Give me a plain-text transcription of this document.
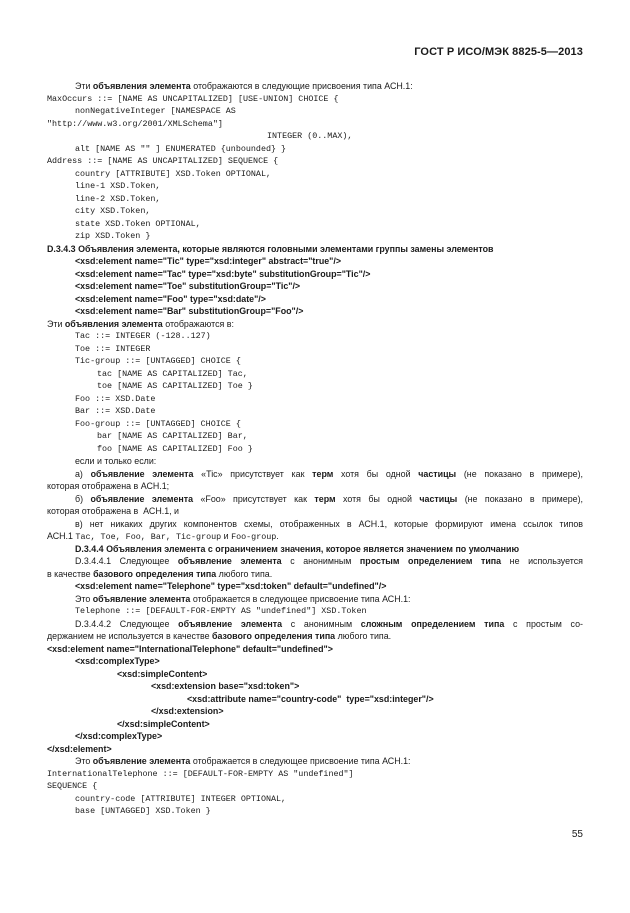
ГОСТ Р ИСО/МЭК 8825-5—2013
Эти объявления элемента отображаются в следующие присвоения типа АСН.1:
MaxOccurs ::= [NAME AS UNCAPITALIZED] [USE-UNION] CHOICE {
nonNegativeInteger [NAMESPACE AS
"http://www.w3.org/2001/XMLSchema"]
INTEGER (0..MAX),
alt [NAME AS "" ] ENUMERATED {unbounded} }
Address ::= [NAME AS UNCAPITALIZED] SEQUENCE {
country [ATTRIBUTE] XSD.Token OPTIONAL,
line-1 XSD.Token,
line-2 XSD.Token,
city XSD.Token,
state XSD.Token OPTIONAL,
zip XSD.Token }
D.3.4.3 Объявления элемента, которые являются головными элементами группы замены элементов
<xsd:element name="Tic" type="xsd:integer" abstract="true"/>
<xsd:element name="Tac" type="xsd:byte" substitutionGroup="Tic"/>
<xsd:element name="Toe" substitutionGroup="Tic"/>
<xsd:element name="Foo" type="xsd:date"/>
<xsd:element name="Bar" substitutionGroup="Foo"/>
Эти объявления элемента отображаются в:
Tac ::= INTEGER (-128..127)
Toe ::= INTEGER
Tic-group ::= [UNTAGGED] CHOICE {
tac [NAME AS CAPITALIZED] Tac,
toe [NAME AS CAPITALIZED] Toe }
Foo ::= XSD.Date
Bar ::= XSD.Date
Foo-group ::= [UNTAGGED] CHOICE {
bar [NAME AS CAPITALIZED] Bar,
foo [NAME AS CAPITALIZED] Foo }
если и только если:
а) объявление элемента «Tic» присутствует как терм хотя бы одной частицы (не показано в примере),
которая отображена в АСН.1;
б) объявление элемента «Foo» присутствует как терм хотя бы одной частицы (не показано в примере),
которая отображена в  АСН.1, и
в) нет никаких других компонентов схемы, отображенных в АСН.1, которые формируют имена ссылок типов
АСН.1 Tac, Toe, Foo, Bar, Tic-group и Foo-group.
D.3.4.4 Объявления элемента с ограничением значения, которое является значением по умолчанию
D.3.4.4.1 Следующее объявление элемента с анонимным простым определением типа не используется
в качестве базового определения типа любого типа.
<xsd:element name="Telephone" type="xsd:token" default="undefined"/>
Это объявление элемента отображается в следующее присвоение типа АСН.1:
Telephone ::= [DEFAULT-FOR-EMPTY AS "undefined"] XSD.Token
D.3.4.4.2 Следующее объявление элемента с анонимным сложным определением типа с простым со-
держанием не используется в качестве базового определения типа любого типа.
<xsd:element name="InternationalTelephone" default="undefined">
<xsd:complexType>
<xsd:simpleContent>
<xsd:extension base="xsd:token">
<xsd:attribute name="country-code"  type="xsd:integer"/>
</xsd:extension>
</xsd:simpleContent>
</xsd:complexType>
</xsd:element>
Это объявление элемента отображается в следующее присвоение типа АСН.1:
InternationalTelephone ::= [DEFAULT-FOR-EMPTY AS "undefined"]
SEQUENCE {
country-code [ATTRIBUTE] INTEGER OPTIONAL,
base [UNTAGGED] XSD.Token }
55
